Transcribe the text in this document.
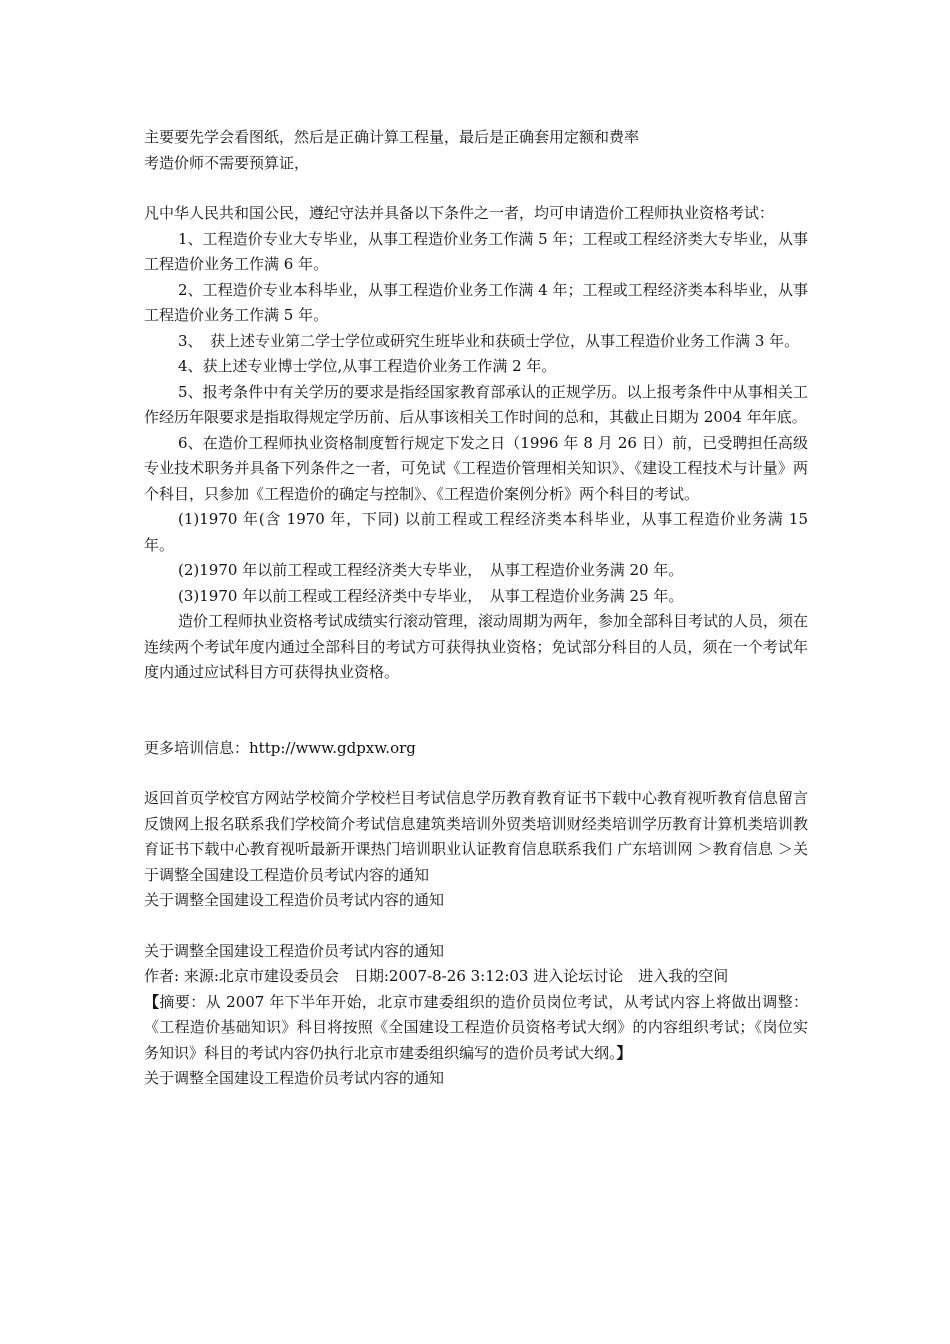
主要要先学会看图纸，然后是正确计算工程量，最后是正确套用定额和费率

考造价师不需要预算证，

凡中华人民共和国公民，遵纪守法并具备以下条件之一者，均可申请造价工程师执业资格考试：

1、工程造价专业大专毕业，从事工程造价业务工作满 5 年；工程或工程经济类大专毕业，从事工程造价业务工作满 6 年。

2、工程造价专业本科毕业，从事工程造价业务工作满 4 年；工程或工程经济类本科毕业，从事工程造价业务工作满 5 年。

3、　获上述专业第二学士学位或研究生班毕业和获硕士学位，从事工程造价业务工作满 3 年。

4、获上述专业博士学位,从事工程造价业务工作满 2 年。

5、报考条件中有关学历的要求是指经国家教育部承认的正规学历。以上报考条件中从事相关工作经历年限要求是指取得规定学历前、后从事该相关工作时间的总和，其截止日期为 2004 年年底。

6、在造价工程师执业资格制度暂行规定下发之日（1996 年 8 月 26 日）前，已受聘担任高级专业技术职务并具备下列条件之一者，可免试《工程造价管理相关知识》、《建设工程技术与计量》两个科目，只参加《工程造价的确定与控制》、《工程造价案例分析》两个科目的考试。

(1)1970 年(含 1970 年，下同) 以前工程或工程经济类本科毕业，从事工程造价业务满 15 年。

(2)1970 年以前工程或工程经济类大专毕业，　从事工程造价业务满 20 年。

(3)1970 年以前工程或工程经济类中专毕业，　从事工程造价业务满 25 年。

造价工程师执业资格考试成绩实行滚动管理，滚动周期为两年，参加全部科目考试的人员，须在连续两个考试年度内通过全部科目的考试方可获得执业资格；免试部分科目的人员，须在一个考试年度内通过应试科目方可获得执业资格。

更多培训信息：http://www.gdpxw.org

返回首页学校官方网站学校简介学校栏目考试信息学历教育教育证书下载中心教育视听教育信息留言反馈网上报名联系我们学校简介考试信息建筑类培训外贸类培训财经类培训学历教育计算机类培训教育证书下载中心教育视听最新开课热门培训职业认证教育信息联系我们 广东培训网 ＞教育信息 ＞关于调整全国建设工程造价员考试内容的通知

关于调整全国建设工程造价员考试内容的通知

关于调整全国建设工程造价员考试内容的通知

作者: 来源:北京市建设委员会　日期:2007-8-26 3:12:03 进入论坛讨论　进入我的空间

【摘要：从 2007 年下半年开始，北京市建委组织的造价员岗位考试，从考试内容上将做出调整：《工程造价基础知识》科目将按照《全国建设工程造价员资格考试大纲》的内容组织考试；《岗位实务知识》科目的考试内容仍执行北京市建委组织编写的造价员考试大纲。】

关于调整全国建设工程造价员考试内容的通知
